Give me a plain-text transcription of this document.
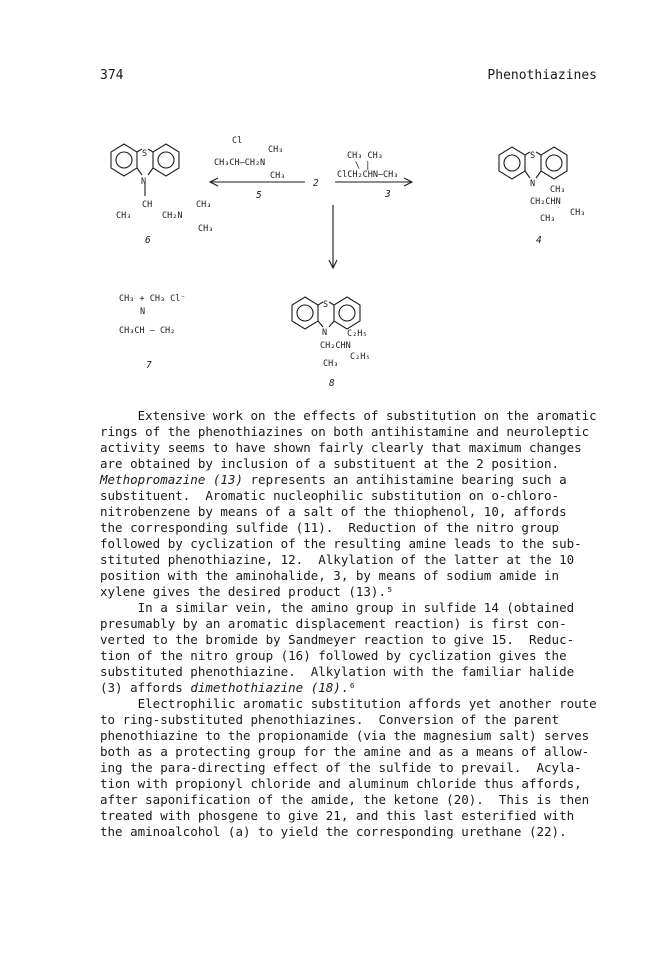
374	Phenothiazines
S
N
S
N
S
N
Cl
CH₃
CH₃CH–CH₂N
CH₃
5
2
CH₃ CH₃
\ |
ClCH₂CHN–CH₃
3
CH	CH₃
CH₃	CH₂N
CH₃
6
CH₃
CH₂CHN
CH₃
CH₃
4
CH₃ + CH₃ Cl⁻
N
CH₃CH — CH₂
7
C₂H₅
CH₂CHN
CH₃
C₂H₅
8

Extensive work on the effects of substitution on the aromatic

rings of the phenothiazines on both antihistamine and neuroleptic

activity seems to have shown fairly clearly that maximum changes

are obtained by inclusion of a substituent at the 2 position.

Methopromazine (13) represents an antihistamine bearing such a

substituent.  Aromatic nucleophilic substitution on o-chloro-

nitrobenzene by means of a salt of the thiophenol, 10, affords

the corresponding sulfide (11).  Reduction of the nitro group

followed by cyclization of the resulting amine leads to the sub-

stituted phenothiazine, 12.  Alkylation of the latter at the 10

position with the aminohalide, 3, by means of sodium amide in

xylene gives the desired product (13).⁵

In a similar vein, the amino group in sulfide 14 (obtained

presumably by an aromatic displacement reaction) is first con-

verted to the bromide by Sandmeyer reaction to give 15.  Reduc-

tion of the nitro group (16) followed by cyclization gives the

substituted phenothiazine.  Alkylation with the familiar halide

(3) affords dimethothiazine (18).⁶

Electrophilic aromatic substitution affords yet another route

to ring-substituted phenothiazines.  Conversion of the parent

phenothiazine to the propionamide (via the magnesium salt) serves

both as a protecting group for the amine and as a means of allow-

ing the para-directing effect of the sulfide to prevail.  Acyla-

tion with propionyl chloride and aluminum chloride thus affords,

after saponification of the amide, the ketone (20).  This is then

treated with phosgene to give 21, and this last esterified with

the aminoalcohol (a) to yield the corresponding urethane (22).
